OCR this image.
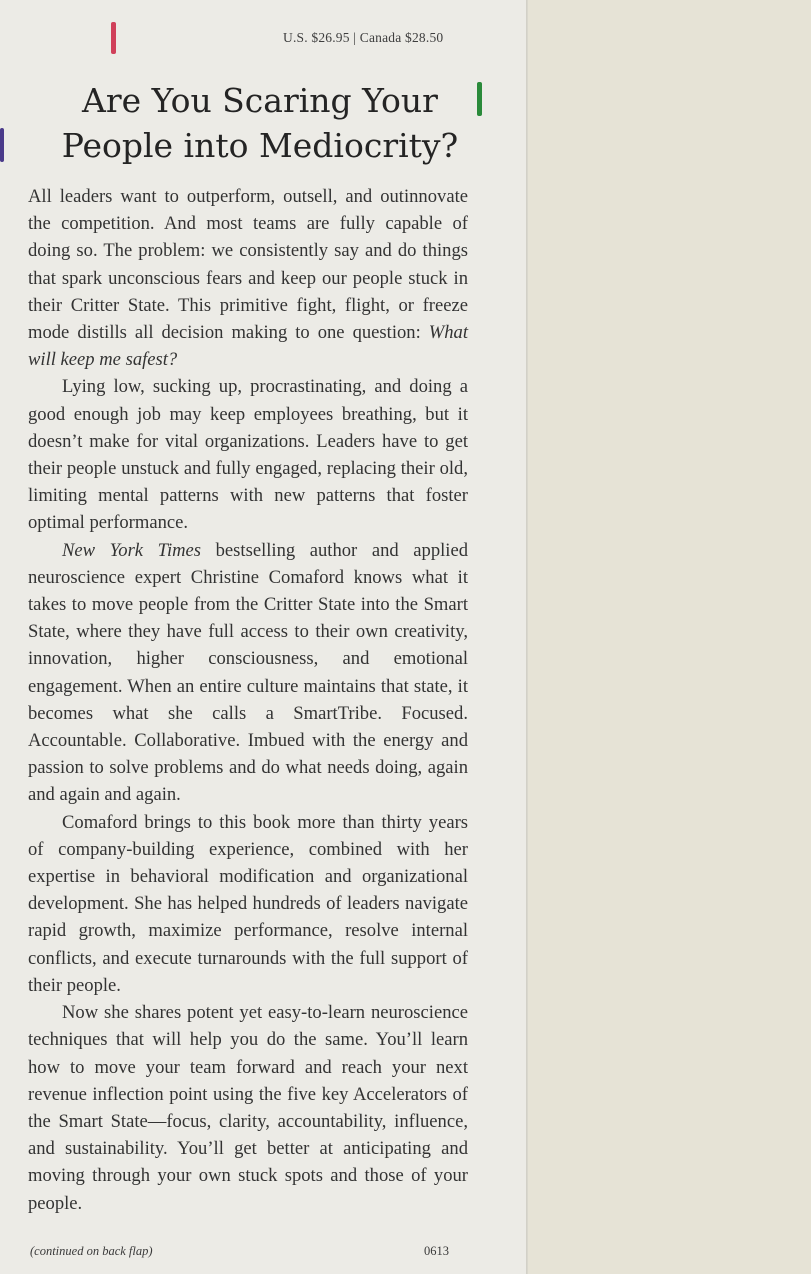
U.S. $26.95 | Canada $28.50
Are You Scaring Your
People into Mediocrity?

All leaders want to outperform, outsell, and outinnovate the competition. And most teams are fully capable of doing so. The problem: we consistently say and do things that spark unconscious fears and keep our people stuck in their Critter State. This primitive fight, flight, or freeze mode distills all decision making to one question: What will keep me safest?

Lying low, sucking up, procrastinating, and doing a good enough job may keep employees breathing, but it doesn’t make for vital organizations. Leaders have to get their people unstuck and fully engaged, replacing their old, limiting mental patterns with new patterns that foster optimal performance.

New York Times bestselling author and applied neuroscience expert Christine Comaford knows what it takes to move people from the Critter State into the Smart State, where they have full access to their own creativity, innovation, higher consciousness, and emotional engagement. When an entire culture maintains that state, it becomes what she calls a SmartTribe. Focused. Accountable. Collaborative. Imbued with the energy and passion to solve problems and do what needs doing, again and again and again.

Comaford brings to this book more than thirty years of company-building experience, combined with her expertise in behavioral modification and organizational development. She has helped hundreds of leaders navigate rapid growth, maximize performance, resolve internal conflicts, and execute turnarounds with the full support of their people.

Now she shares potent yet easy-to-learn neuroscience techniques that will help you do the same. You’ll learn how to move your team forward and reach your next revenue inflection point using the five key Accelerators of the Smart State—focus, clarity, accountability, influence, and sustainability. You’ll get better at anticipating and moving through your own stuck spots and those of your people.

(continued on back flap)	0613
